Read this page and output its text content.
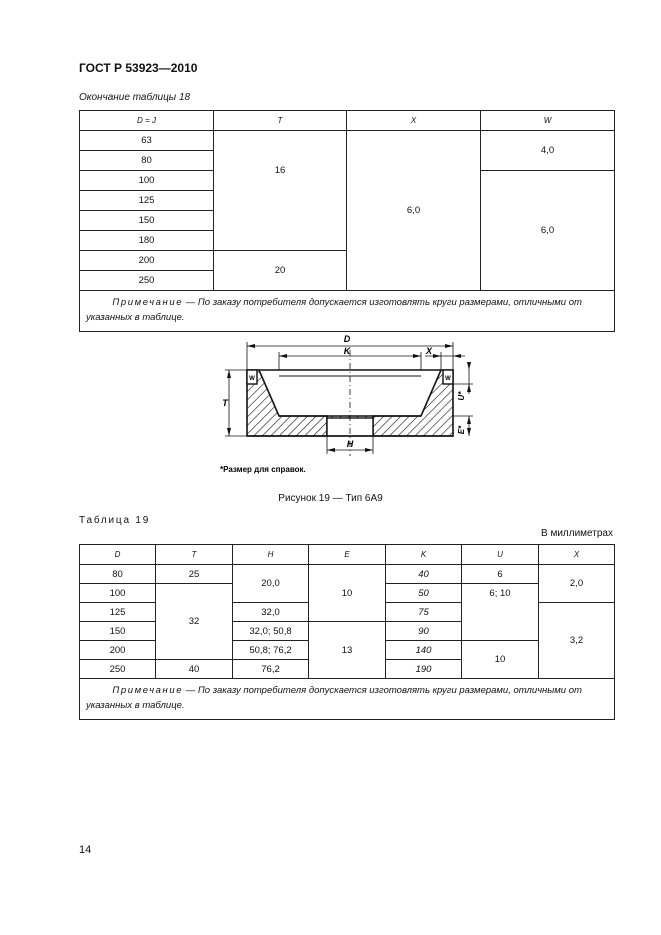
ГОСТ Р 53923—2010
Окончание таблицы 18
D = J	T	X	W
63	16	6,0	4,0
80			
100			6,0
125			
150			
180			
200	20		
250			
Примечание — По заказу потребителя допускается изготовлять круги размерами, отличными от указанных в таблице.			
W	W
D
K	X
T
U*
E*
H
*Размер для справок.
Рисунок 19 — Тип 6А9
Таблица 19
В миллиметрах
D	T	H	E	K	U	X
80	25	20,0	10	40	6	2,0
100	32			50	6; 10	
125		32,0		75		3,2
150		32,0; 50,8	13	90		
200		50,8; 76,2		140	10	
250	40	76,2		190		
Примечание — По заказу потребителя допускается изготовлять круги размерами, отличными от указанных в таблице.						
14
